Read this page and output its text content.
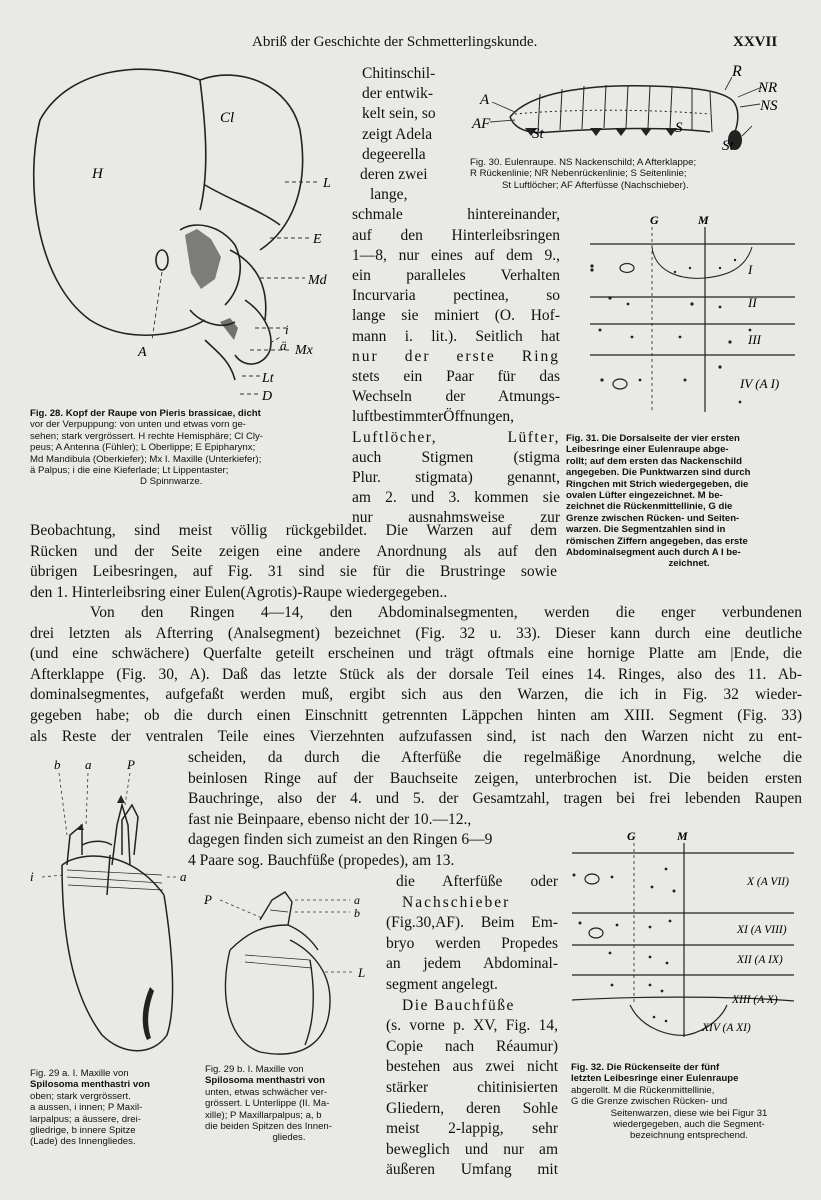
Abriß der Geschichte der Schmetterlingskunde.	XXVII
Cl
H
L
E
Md
i
ä Mx
Lt
D
A
Fig. 28. Kopf der Raupe von Pieris brassicae, dicht
vor der Verpuppung: von unten und etwas vorn ge-
sehen; stark vergrössert. H rechte Hemisphäre; Cl Cly-
peus; A Antenna (Fühler); L Oberlippe; E Epipharynx;
Md Mandibula (Oberkiefer); Mx I. Maxille (Unterkiefer);
ä Palpus; i die eine Kieferlade; Lt Lippentaster;
D Spinnwarze.
Chitinschil-
der entwik-
kelt sein, so
zeigt Adela
degeerella
deren zwei
lange,
schmale hintereinander,
auf den Hinterleibsringen
1—8, nur eines auf dem 9.,
ein paralleles Verhalten
Incurvaria pectinea, so
lange sie miniert (O. Hof-
mann i. lit.). Seitlich hat
nur der erste Ring
stets ein Paar für das
Wechseln der Atmungs-
luftbestimmterÖffnungen,
Luftlöcher, Lüfter,
auch Stigmen (stigma
Plur. stigmata) genannt,
am 2. und 3. kommen sie
nur ausnahmsweise zur
R
NR
NS
A
AF
St	S
St
Fig. 30. Eulenraupe. NS Nackenschild; A Afterklappe;
R Rückenlinie; NR Nebenrückenlinie; S Seitenlinie;
St Luftlöcher; AF Afterfüsse (Nachschieber).
G	M
I
II
III
IV (A I)
Fig. 31. Die Dorsalseite der vier ersten
Leibesringe einer Eulenraupe abge-
rollt; auf dem ersten das Nackenschild
angegeben. Die Punktwarzen sind durch
Ringchen mit Strich wiedergegeben, die
ovalen Lüfter eingezeichnet. M be-
zeichnet die Rückenmittellinie, G die
Grenze zwischen Rücken- und Seiten-
warzen. Die Segmentzahlen sind in
römischen Ziffern angegeben, das erste
Abdominalsegment auch durch A I be-
zeichnet.
Beobachtung, sind meist völlig rückgebildet. Die Warzen auf dem
Rücken und der Seite zeigen eine andere Anordnung als auf den
übrigen Leibesringen, auf Fig. 31 sind sie für die Brustringe sowie
den 1. Hinterleibsring einer Eulen(Agrotis)-Raupe wiedergegeben..
Von den Ringen 4—14, den Abdominalsegmenten, werden die enger verbundenen
drei letzten als Afterring (Analsegment) bezeichnet (Fig. 32 u. 33). Dieser kann durch eine deutliche
(und eine schwächere) Querfalte geteilt erscheinen und trägt oftmals eine hornige Platte am |Ende, die
Afterklappe (Fig. 30, A). Daß das letzte Stück als der dorsale Teil eines 14. Ringes, also des 11. Ab-
dominalsegmentes, aufgefaßt werden muß, ergibt sich aus den Warzen, die ich in Fig. 32 wieder-
gegeben habe; ob die durch einen Einschnitt getrennten Läppchen hinten am XIII. Segment (Fig. 33)
als Reste der ventralen Teile eines Vierzehnten aufzufassen sind, ist nach den Warzen nicht zu ent-
scheiden, da durch die Afterfüße die regelmäßige Anordnung, welche die
beinlosen Ringe auf der Bauchseite zeigen, unterbrochen ist. Die beiden ersten
Bauchringe, also der 4. und 5. der Gesamtzahl, tragen bei frei lebenden Raupen
fast nie Beinpaare, ebenso nicht der 10.—12.,
dagegen finden sich zumeist an den Ringen 6—9
4 Paare sog. Bauchfüße (propedes), am 13.
die Afterfüße oder
Nachschieber
(Fig.30,AF). Beim Em-
bryo werden Propedes
an jedem Abdominal-
segment angelegt.
Die Bauchfüße
(s. vorne p. XV, Fig. 14,
Copie nach Réaumur)
bestehen aus zwei nicht
stärker chitinisierten
Gliedern, deren Sohle
meist 2-lappig, sehr
beweglich und nur am
äußeren Umfang mit
b a	P
i	a
Fig. 29 a. I. Maxille von
Spilosoma menthastri von
oben; stark vergrössert.
a aussen, i innen; P Maxil-
larpalpus; a äussere, drei-
gliedrige, b innere Spitze
(Lade) des Innengliedes.
P	a
b
L
Fig. 29 b. I. Maxille von
Spilosoma menthastri von
unten, etwas schwächer ver-
grössert. L Unterlippe (II. Ma-
xille); P Maxillarpalpus; a, b
die beiden Spitzen des Innen-
gliedes.
G	M
X (A VII)
XI (A VIII)
XII (A IX)
XIII (A X)
XIV (A XI)
Fig. 32. Die Rückenseite der fünf
letzten Leibesringe einer Eulenraupe
abgerollt. M die Rückenmittellinie,
G die Grenze zwischen Rücken- und
Seitenwarzen, diese wie bei Figur 31
wiedergegeben, auch die Segment-
bezeichnung entsprechend.
